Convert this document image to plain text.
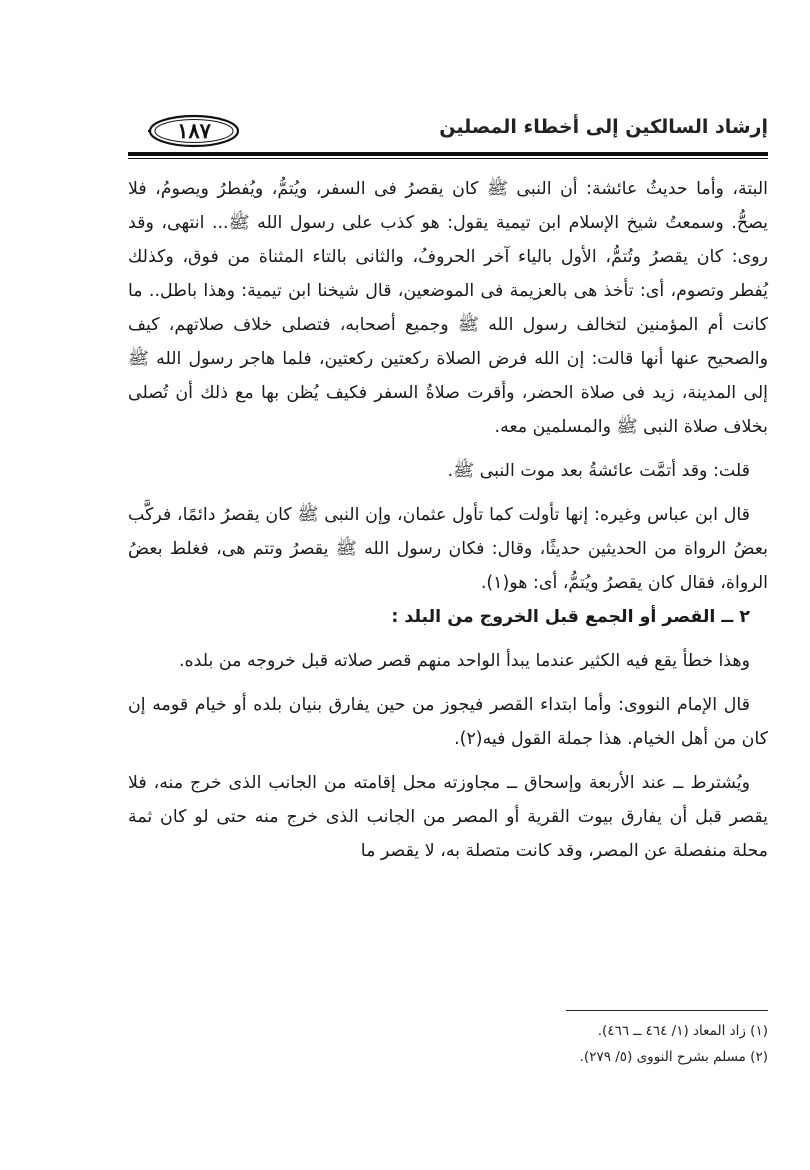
١٨٧	إرشاد السالكين إلى أخطاء المصلين

البتة، وأما حديثُ عائشة: أن النبى ﷺ كان يقصرُ فى السفر، ويُتمُّ، ويُفطرُ ويصومُ، فلا يصحُّ. وسمعتُ شيخ الإسلام ابن تيمية يقول: هو كذب على رسول الله ﷺ... انتهى، وقد روى: كان يقصرُ وتُتمُّ، الأول بالياء آخر الحروفُ، والثانى بالتاء المثناة من فوق، وكذلك يُفطر وتصوم، أى: تأخذ هى بالعزيمة فى الموضعين، قال شيخنا ابن تيمية: وهذا باطل.. ما كانت أم المؤمنين لتخالف رسول الله ﷺ وجميع أصحابه، فتصلى خلاف صلاتهم، كيف والصحيح عنها أنها قالت: إن الله فرض الصلاة ركعتين ركعتين، فلما هاجر رسول الله ﷺ إلى المدينة، زيد فى صلاة الحضر، وأقرت صلاةُ السفر فكيف يُظن بها مع ذلك أن تُصلى بخلاف صلاة النبى ﷺ والمسلمين معه.

قلت: وقد أتمَّت عائشةُ بعد موت النبى ﷺ.

قال ابن عباس وغيره: إنها تأولت كما تأول عثمان، وإن النبى ﷺ كان يقصرُ دائمًا، فركَّب بعضُ الرواة من الحديثين حديثًا، وقال: فكان رسول الله ﷺ يقصرُ وتتم هى، فغلط بعضُ الرواة، فقال كان يقصرُ ويُتمُّ، أى: هو(١).

٢ ــ القصر أو الجمع قبل الخروج من البلد :

وهذا خطأ يقع فيه الكثير عندما يبدأ الواحد منهم قصر صلاته قبل خروجه من بلده.

قال الإمام النووى: وأما ابتداء القصر فيجوز من حين يفارق بنيان بلده أو خيام قومه إن كان من أهل الخيام. هذا جملة القول فيه(٢).

ويُشترط ــ عند الأربعة وإسحاق ــ مجاوزته محل إقامته من الجانب الذى خرج منه، فلا يقصر قبل أن يفارق بيوت القرية أو المصر من الجانب الذى خرج منه حتى لو كان ثمة محلة منفصلة عن المصر، وقد كانت متصلة به، لا يقصر ما

(١) زاد المعاد (١/ ٤٦٤ ــ ٤٦٦).
(٢) مسلم بشرح النووى (٥/ ٢٧٩).
